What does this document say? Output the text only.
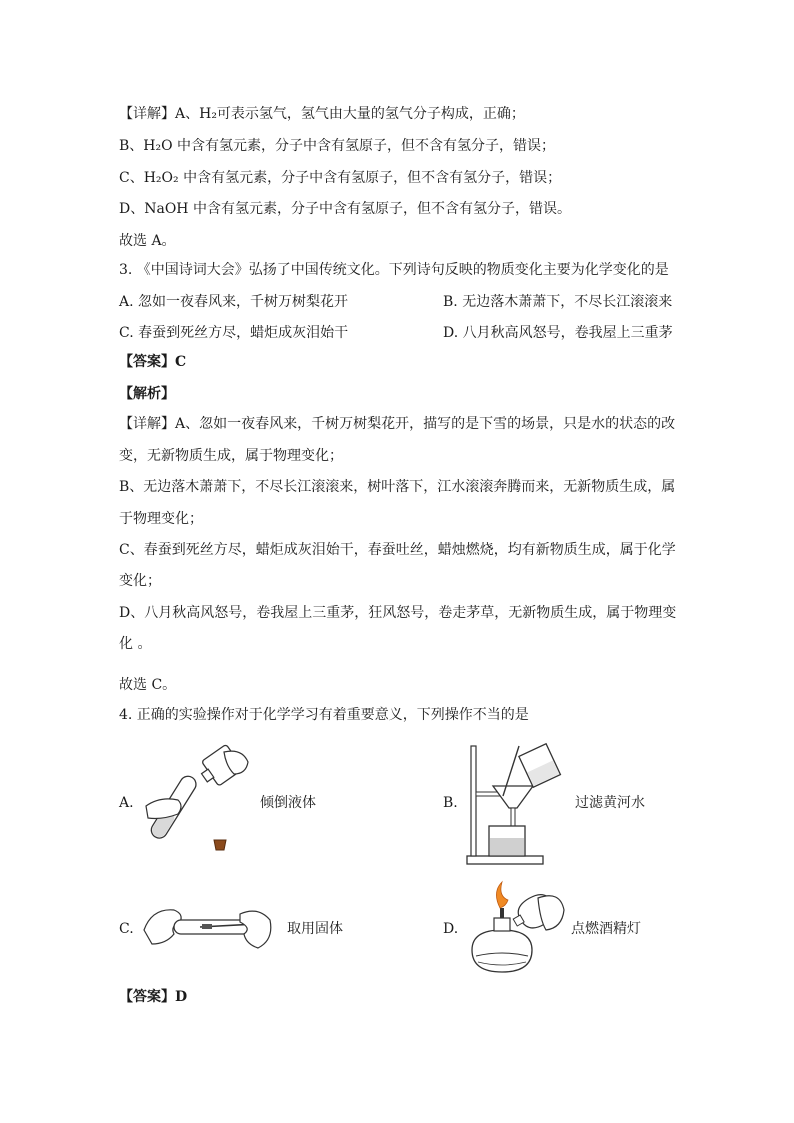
【详解】A、H₂可表示氢气，氢气由大量的氢气分子构成，正确；
B、H₂O 中含有氢元素，分子中含有氢原子，但不含有氢分子，错误；
C、H₂O₂ 中含有氢元素，分子中含有氢原子，但不含有氢分子，错误；
D、NaOH 中含有氢元素，分子中含有氢原子，但不含有氢分子，错误。
故选 A。
3. 《中国诗词大会》弘扬了中国传统文化。下列诗句反映的物质变化主要为化学变化的是
A. 忽如一夜春风来，千树万树梨花开	B. 无边落木萧萧下，不尽长江滚滚来
C. 春蚕到死丝方尽，蜡炬成灰泪始干	D. 八月秋高风怒号，卷我屋上三重茅
【答案】C
【解析】
【详解】A、忽如一夜春风来，千树万树梨花开，描写的是下雪的场景，只是水的状态的改
变，无新物质生成，属于物理变化；
B、无边落木萧萧下，不尽长江滚滚来，树叶落下，江水滚滚奔腾而来，无新物质生成，属
于物理变化；
C、春蚕到死丝方尽，蜡炬成灰泪始干，春蚕吐丝，蜡烛燃烧，均有新物质生成，属于化学
变化；
D、八月秋高风怒号，卷我屋上三重茅，狂风怒号，卷走茅草，无新物质生成，属于物理变
化 。
故选 C。
4. 正确的实验操作对于化学学习有着重要意义，下列操作不当的是
A.	倾倒液体	B.	过滤黄河水
C.	取用固体	D.	点燃酒精灯
【答案】D
